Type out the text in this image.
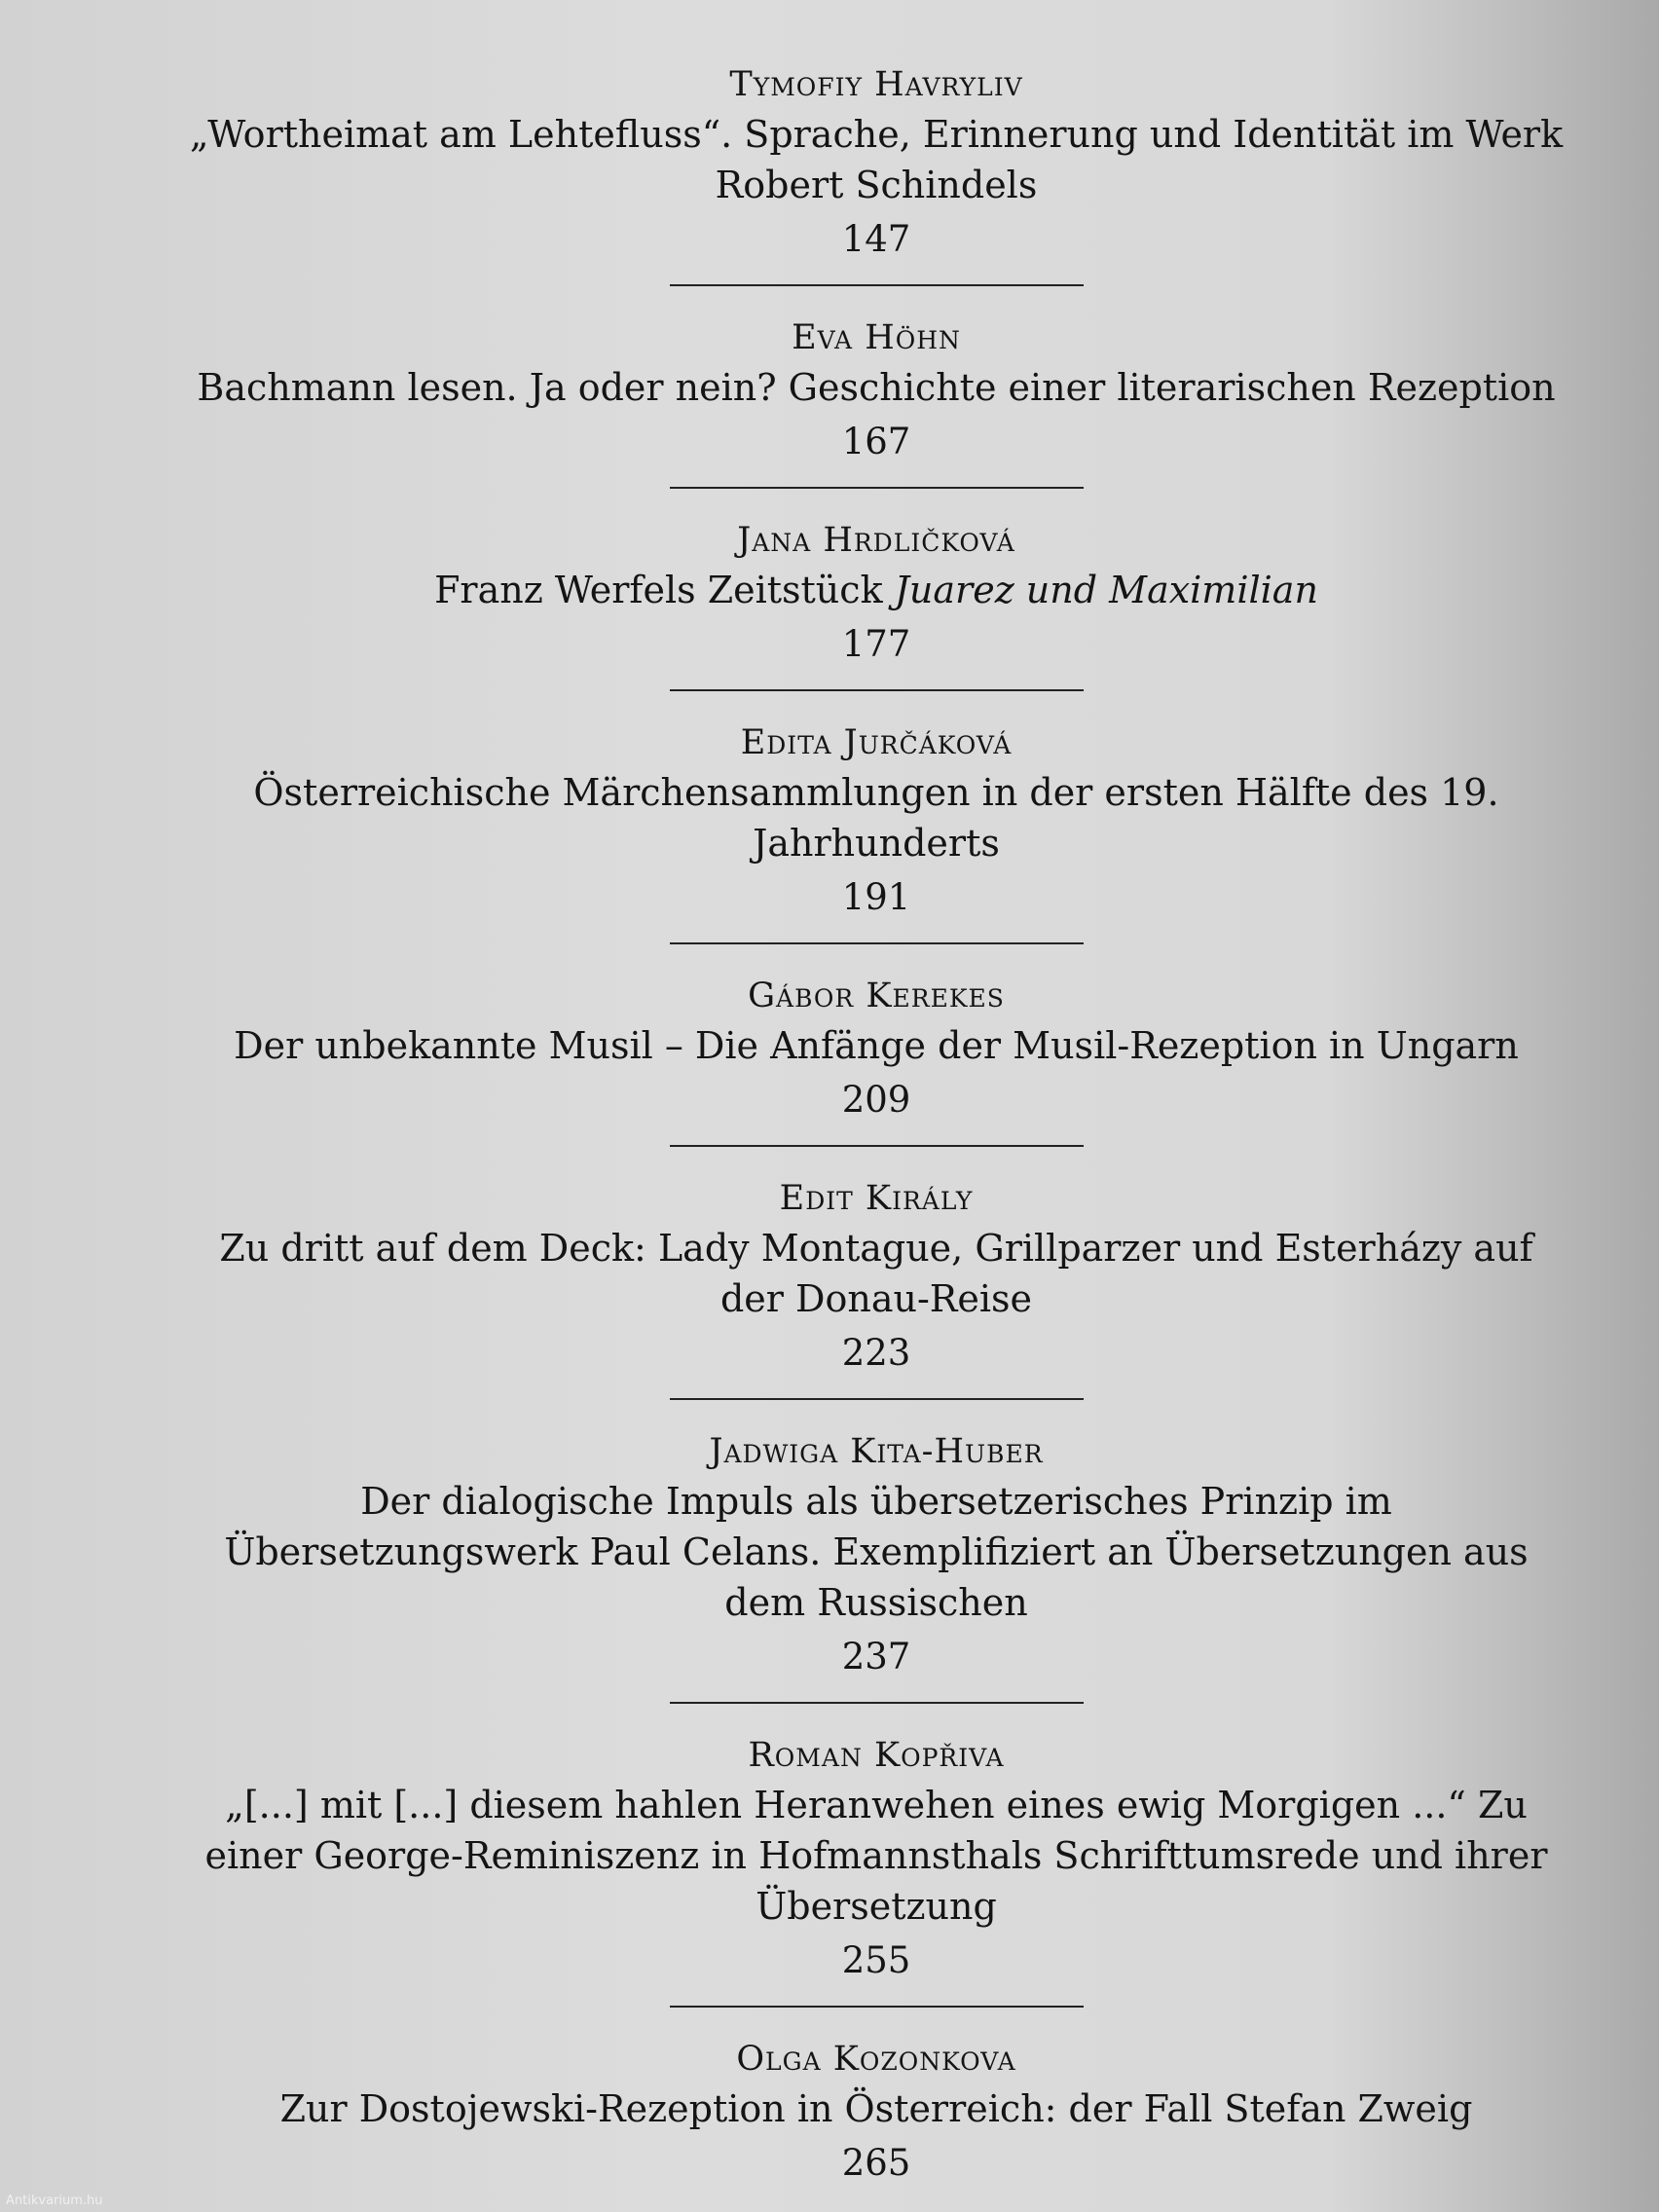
Tymofiy Havryliv
„Wortheimat am Lehtefluss“. Sprache, Erinnerung und Identität im Werk Robert Schindels
147
Eva Höhn
Bachmann lesen. Ja oder nein? Geschichte einer literarischen Rezeption
167
Jana Hrdličková
Franz Werfels Zeitstück Juarez und Maximilian
177
Edita Jurčáková
Österreichische Märchensammlungen in der ersten Hälfte des 19. Jahrhunderts
191
Gábor Kerekes
Der unbekannte Musil – Die Anfänge der Musil-Rezeption in Ungarn
209
Edit Király
Zu dritt auf dem Deck: Lady Montague, Grillparzer und Esterházy auf der Donau-Reise
223
Jadwiga Kita-Huber
Der dialogische Impuls als übersetzerisches Prinzip im Übersetzungswerk Paul Celans. Exemplifiziert an Übersetzungen aus dem Russischen
237
Roman Kopřiva
„[...] mit [...] diesem hahlen Heranwehen eines ewig Morgigen ...“ Zu einer George-Reminiszenz in Hofmannsthals Schrifttumsrede und ihrer Übersetzung
255
Olga Kozonkova
Zur Dostojewski-Rezeption in Österreich: der Fall Stefan Zweig
265
Antikvarium.hu
